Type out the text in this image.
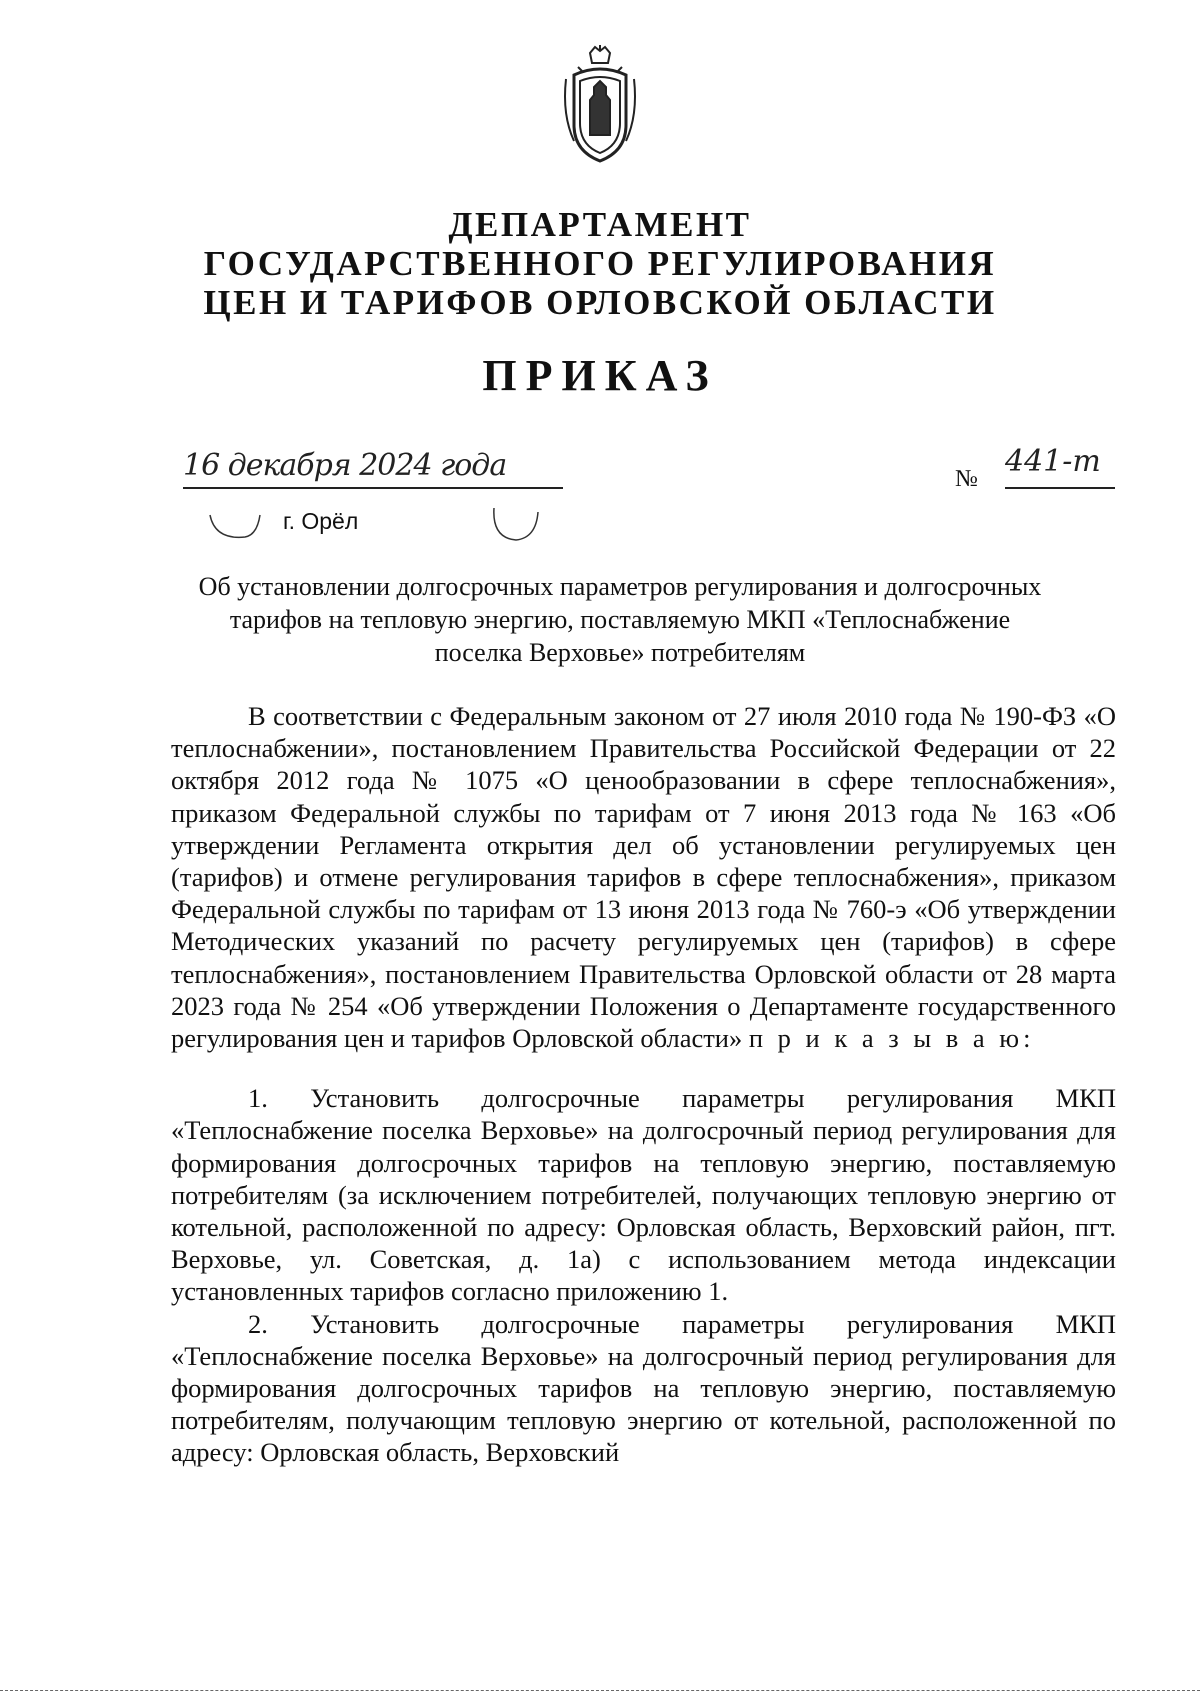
ДЕПАРТАМЕНТ
ГОСУДАРСТВЕННОГО РЕГУЛИРОВАНИЯ
ЦЕН И ТАРИФОВ ОРЛОВСКОЙ ОБЛАСТИ
ПРИКАЗ
16 декабря 2024 года
г. Орёл
№ 441-т
Об установлении долгосрочных параметров регулирования и долгосрочных
тарифов на тепловую энергию, поставляемую МКП «Теплоснабжение
поселка Верховье» потребителям

В соответствии с Федеральным законом от 27 июля 2010 года № 190-ФЗ «О теплоснабжении», постановлением Правительства Российской Федерации от 22 октября 2012 года № 1075 «О ценообразовании в сфере теплоснабжения», приказом Федеральной службы по тарифам от 7 июня 2013 года № 163 «Об утверждении Регламента открытия дел об установлении регулируемых цен (тарифов) и отмене регулирования тарифов в сфере теплоснабжения», приказом Федеральной службы по тарифам от 13 июня 2013 года № 760-э «Об утверждении Методических указаний по расчету регулируемых цен (тарифов) в сфере теплоснабжения», постановлением Правительства Орловской области от 28 марта 2023 года № 254 «Об утверждении Положения о Департаменте государственного регулирования цен и тарифов Орловской области» п р и к а з ы в а ю:

1. Установить долгосрочные параметры регулирования МКП «Теплоснабжение поселка Верховье» на долгосрочный период регулирования для формирования долгосрочных тарифов на тепловую энергию, поставляемую потребителям (за исключением потребителей, получающих тепловую энергию от котельной, расположенной по адресу: Орловская область, Верховский район, пгт. Верховье, ул. Советская, д. 1а) с использованием метода индексации установленных тарифов согласно приложению 1.

2. Установить долгосрочные параметры регулирования МКП «Теплоснабжение поселка Верховье» на долгосрочный период регулирования для формирования долгосрочных тарифов на тепловую энергию, поставляемую потребителям, получающим тепловую энергию от котельной, расположенной по адресу: Орловская область, Верховский
